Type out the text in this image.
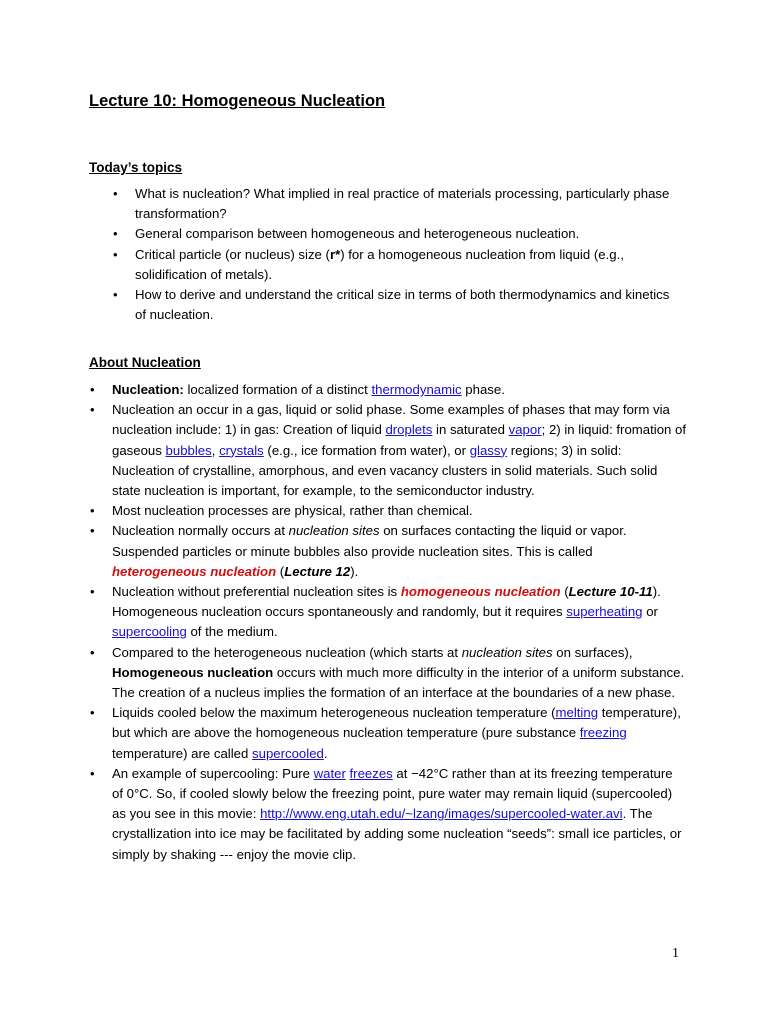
Lecture 10: Homogeneous Nucleation
Today’s topics
• What is nucleation? What implied in real practice of materials processing, particularly phase transformation?
• General comparison between homogeneous and heterogeneous nucleation.
• Critical particle (or nucleus) size (r*) for a homogeneous nucleation from liquid (e.g., solidification of metals).
• How to derive and understand the critical size in terms of both thermodynamics and kinetics of nucleation.
About Nucleation
• Nucleation: localized formation of a distinct thermodynamic phase.
• Nucleation an occur in a gas, liquid or solid phase. Some examples of phases that may form via nucleation include: 1) in gas: Creation of liquid droplets in saturated vapor; 2) in liquid: fromation of gaseous bubbles, crystals (e.g., ice formation from water), or glassy regions; 3) in solid: Nucleation of crystalline, amorphous, and even vacancy clusters in solid materials. Such solid state nucleation is important, for example, to the semiconductor industry.
• Most nucleation processes are physical, rather than chemical.
• Nucleation normally occurs at nucleation sites on surfaces contacting the liquid or vapor. Suspended particles or minute bubbles also provide nucleation sites. This is called heterogeneous nucleation (Lecture 12).
• Nucleation without preferential nucleation sites is homogeneous nucleation (Lecture 10-11). Homogeneous nucleation occurs spontaneously and randomly, but it requires superheating or supercooling of the medium.
• Compared to the heterogeneous nucleation (which starts at nucleation sites on surfaces), Homogeneous nucleation occurs with much more difficulty in the interior of a uniform substance. The creation of a nucleus implies the formation of an interface at the boundaries of a new phase.
• Liquids cooled below the maximum heterogeneous nucleation temperature (melting temperature), but which are above the homogeneous nucleation temperature (pure substance freezing temperature) are called supercooled.
• An example of supercooling: Pure water freezes at −42°C rather than at its freezing temperature of 0°C. So, if cooled slowly below the freezing point, pure water may remain liquid (supercooled) as you see in this movie: http://www.eng.utah.edu/~lzang/images/supercooled-water.avi. The crystallization into ice may be facilitated by adding some nucleation “seeds”: small ice particles, or simply by shaking --- enjoy the movie clip.
1
